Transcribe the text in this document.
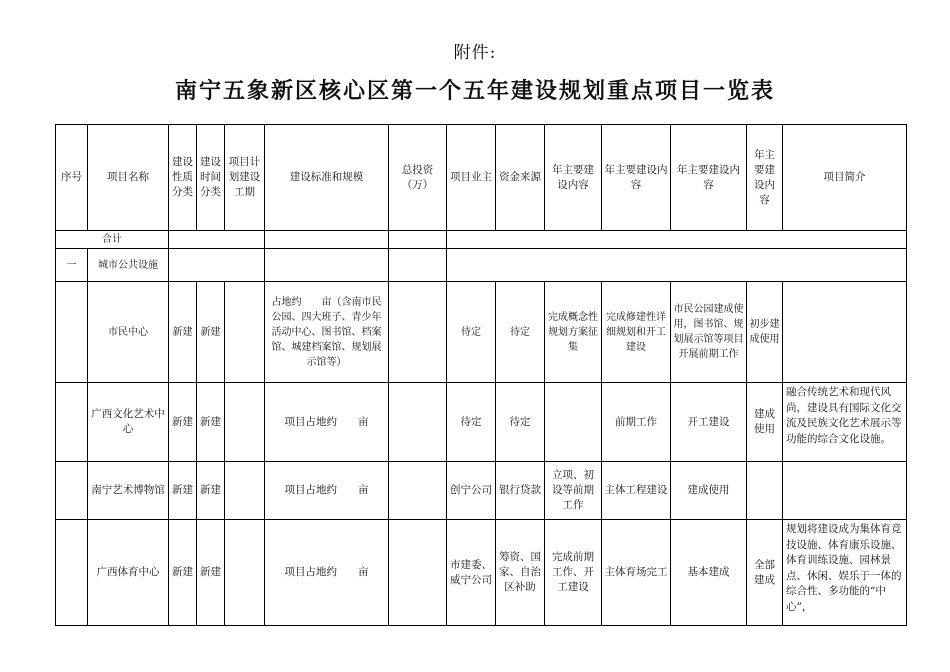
附件:
南宁五象新区核心区第一个五年建设规划重点项目一览表
序号	项目名称	建设性质分类	建设时间分类	项目计划建设工期	建设标准和规模	总投资（万）	项目业主	资金来源	年主要建设内容	年主要建设内容	年主要建设内容	年主要建设内容	项目简介
合计													
一	城市公共设施												
	市民中心	新建	新建		占地约　　亩（含南市民公园、四大班子、青少年活动中心、图书馆、档案馆、城建档案馆、规划展示馆等）		待定	待定	完成概念性规划方案征集	完成修建性详细规划和开工建设	市民公园建成使用，图书馆、规划展示馆等项目开展前期工作	初步建成使用	
	广西文化艺术中心	新建	新建		项目占地约　　亩		待定	待定		前期工作	开工建设	建成使用	融合传统艺术和现代风尚，建设具有国际文化交流及民族文化艺术展示等功能的综合文化设施。
	南宁艺术博物馆	新建	新建		项目占地约　　亩		创宁公司	银行贷款	立项、初设等前期工作	主体工程建设	建成使用		
	广西体育中心	新建	新建		项目占地约　　亩		市建委、威宁公司	筹资、国家、自治区补助	完成前期工作、开工建设	主体育场完工	基本建成	全部建成	规划将建设成为集体育竞技设施、体育康乐设施、体育训练设施、园林景点、休闲、娱乐于一体的综合性、多功能的“中心”，
